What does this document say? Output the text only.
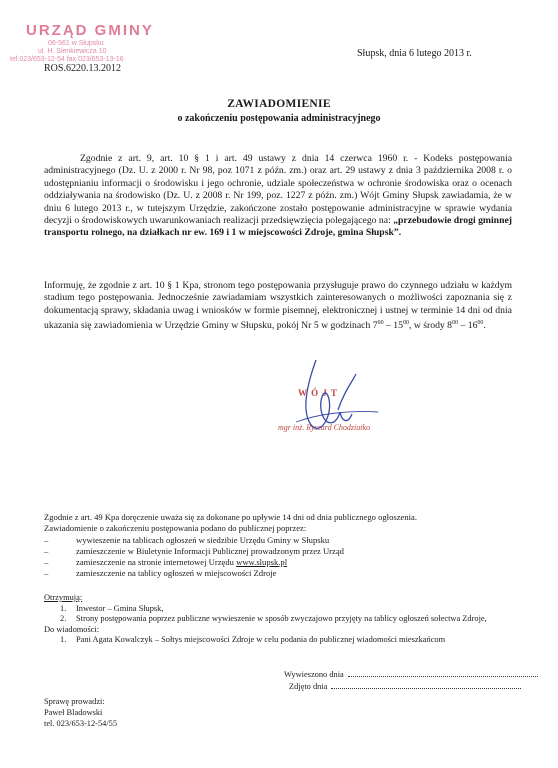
URZĄD GMINY
06-561 w Słupsku
ul. H. Sienkiewicza 10
tel.023/653-12-54 fax 023/653-13-16
ROS.6220.13.2012
Słupsk, dnia 6 lutego 2013 r.
ZAWIADOMIENIE
o zakończeniu postępowania administracyjnego
Zgodnie z art. 9, art. 10 § 1 i art. 49 ustawy z dnia 14 czerwca 1960 r. - Kodeks postępowania administracyjnego (Dz. U. z 2000 r. Nr 98, poz 1071 z późn. zm.) oraz art. 29 ustawy z dnia 3 października 2008 r. o udostępnianiu informacji o środowisku i jego ochronie, udziale społeczeństwa w ochronie środowiska oraz o ocenach oddziaływania na środowisko (Dz. U. z 2008 r. Nr 199, poz. 1227 z późn. zm.) Wójt Gminy Słupsk zawiadamia, że w dniu 6 lutego 2013 r., w tutejszym Urzędzie, zakończone zostało postępowanie administracyjne w sprawie wydania decyzji o środowiskowych uwarunkowaniach realizacji przedsięwzięcia polegającego na: „przebudowie drogi gminnej transportu rolnego, na działkach nr ew. 169 i 1 w miejscowości Zdroje, gmina Słupsk”.
Informuję, że zgodnie z art. 10 § 1 Kpa, stronom tego postępowania przysługuje prawo do czynnego udziału w każdym stadium tego postępowania. Jednocześnie zawiadamiam wszystkich zainteresowanych o możliwości zapoznania się z dokumentacją sprawy, składania uwag i wniosków w formie pisemnej, elektronicznej i ustnej w terminie 14 dni od dnia ukazania się zawiadomienia w Urzędzie Gminy w Słupsku, pokój Nr 5 w godzinach $7^{00} - 15^{00}$, w środy $8^{00} - 16^{00}$.
W Ó J T
mgr inż. Ryszard Chodziutko
Zgodnie z art. 49 Kpa doręczenie uważa się za dokonane po upływie 14 dni od dnia publicznego ogłoszenia.
Zawiadomienie o zakończeniu postępowania podano do publicznej poprzez:
– wywieszenie na tablicach ogłoszeń w siedzibie Urzędu Gminy w Słupsku
– zamieszczenie w Biuletynie Informacji Publicznej prowadzonym przez Urząd
– zamieszczenie na stronie internetowej Urzędu www.slupsk.pl
– zamieszczenie na tablicy ogłoszeń w miejscowości Zdroje
Otrzymują:
1. Inwestor – Gmina Słupsk,
2. Strony postępowania poprzez publiczne wywieszenie w sposób zwyczajowo przyjęty na tablicy ogłoszeń sołectwa Zdroje,
Do wiadomości:
1. Pani Agata Kowalczyk – Sołtys miejscowości Zdroje w celu podania do publicznej wiadomości mieszkańcom
Wywieszono dnia
Zdjęto dnia
Sprawę prowadzi:
Paweł Bladowski
tel. 023/653-12-54/55
